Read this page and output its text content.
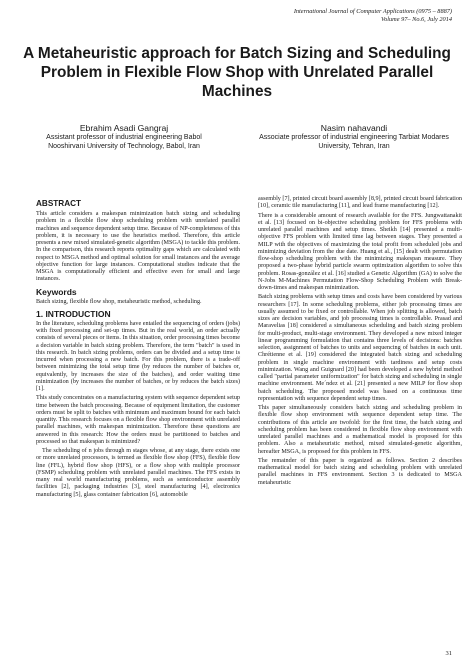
International Journal of Computer Applications (0975 – 8887)
Volume 97– No.6, July 2014
A Metaheuristic approach for Batch Sizing and Scheduling Problem in Flexible Flow Shop with Unrelated Parallel Machines
Ebrahim Asadi Gangraj
Assistant professor of industrial engineering Babol Nooshirvani University of Technology, Babol, Iran
Nasim nahavandi
Associate professor of industrial engineering Tarbiat Modares University, Tehran, Iran
ABSTRACT

This article considers a makespan minimization batch sizing and scheduling problem in a flexible flow shop scheduling problem with unrelated parallel machines and sequence dependent setup time. Because of NP-completeness of this problem, it is necessary to use the heuristics method. Therefore, this article presents a new mixed simulated-genetic algorithm (MSGA) to tackle this problem. In the comparison, this research reports optimality gaps which are calculated with respect to MSGA method and optimal solution for small instances and the average objective function for large instances. Computational studies indicate that the MSGA is computationally efficient and effective even for small and large instances.

Keywords

Batch sizing, flexible flow shop, metaheuristic method, scheduling.

1. INTRODUCTION

In the literature, scheduling problems have entailed the sequencing of orders (jobs) with fixed processing and set-up times. But in the real world, an order actually consists of several pieces or items. In this situation, order processing times become a decision variable in batch sizing problem. Therefore, the term "batch" is used in this research. In batch sizing problems, orders can be divided and a setup time is incurred when processing a new batch. For this problem, there is a trade-off between minimizing the total setup time (by reduces the number of batches or, equivalently, by increases the size of the batches), and order waiting time minimization (by increases the number of batches, or by reduces the batch sizes) [1].

This study concentrates on a manufacturing system with sequence dependent setup time between the batch processing. Because of equipment limitation, the customer orders must be split to batches with minimum and maximum bound for each batch quantity. This research focuses on a flexible flow shop environment with unrelated parallel machines, with makespan minimization. Therefore these questions are answered in this research: How the orders must be partitioned to batches and processed so that makespan is minimized?

The scheduling of n jobs through m stages whose, at any stage, there exists one or more unrelated processors, is termed as flexible flow shop (FFS), flexible flow line (FFL), hybrid flow shop (HFS), or a flow shop with multiple processor (FSMP) scheduling problem with unrelated parallel machines. The FFS exists in many real world manufacturing problems, such as semiconductor assembly facilities [2], packaging industries [3], steel manufacturing [4], electronics manufacturing [5], glass container fabrication [6], automobile

assembly [7], printed circuit board assembly [8,9], printed circuit board fabrication [10], ceramic tile manufacturing [11], and lead frame manufacturing [12].

There is a considerable amount of research available for the FFS. Jungwattanakit et al. [13] focused on bi-objective scheduling problem for FFS problems with unrelated parallel machines and setup times. Sheikh [14] presented a multi-objective FFS problem with limited time lag between stages. They presented a MILP with the objectives of maximizing the total profit from scheduled jobs and minimizing deviation from the due date. Huang et al., [15] dealt with permutation flow-shop scheduling problem with the minimizing makespan measure. They proposed a two-phase hybrid particle swarm optimization algorithm to solve this problem. Rosas-gonzález et al. [16] studied a Genetic Algorithm (GA) to solve the N-Jobs M-Machines Permutation Flow-Shop Scheduling Problem with Break-down-times and makespan minimization.

Batch sizing problems with setup times and costs have been considered by various researchers [17]. In some scheduling problems, either job processing times are usually assumed to be fixed or controllable. When job splitting is allowed, batch sizes are decision variables, and job processing times is controllable. Prasad and Maravelias [18] considered a simultaneous scheduling and batch sizing problem for multi-product, multi-stage environment. They developed a new mixed integer linear programming formulation that contains three levels of decisions: batches selection, assignment of batches to units and sequencing of batches in each unit. Chrétienne et al. [19] considered the integrated batch sizing and scheduling problem in single machine environment with tardiness and setup costs minimization. Wang and Guignard [20] had been developed a new hybrid method called "partial parameter uniformization" for batch sizing and scheduling in single machine environment. Me´ndez et al. [21] presented a new MILP for flow shop batch scheduling. The proposed model was based on a continuous time representation with sequence dependent setup times.

This paper simultaneously considers batch sizing and scheduling problem in flexible flow shop environment with sequence dependent setup time. The contributions of this article are twofold: for the first time, the batch sizing and scheduling problem has been considered in flexible flow shop environment with unrelated parallel machines and a mathematical model is proposed for this problem. Also a metaheuristic method, mixed simulated-genetic algorithm, hereafter MSGA, is proposed for this problem in FFS.

The remainder of this paper is organized as follows. Section 2 describes mathematical model for batch sizing and scheduling problem with unrelated parallel machines in FFS environment. Section 3 is dedicated to MSGA metaheuristic

31
